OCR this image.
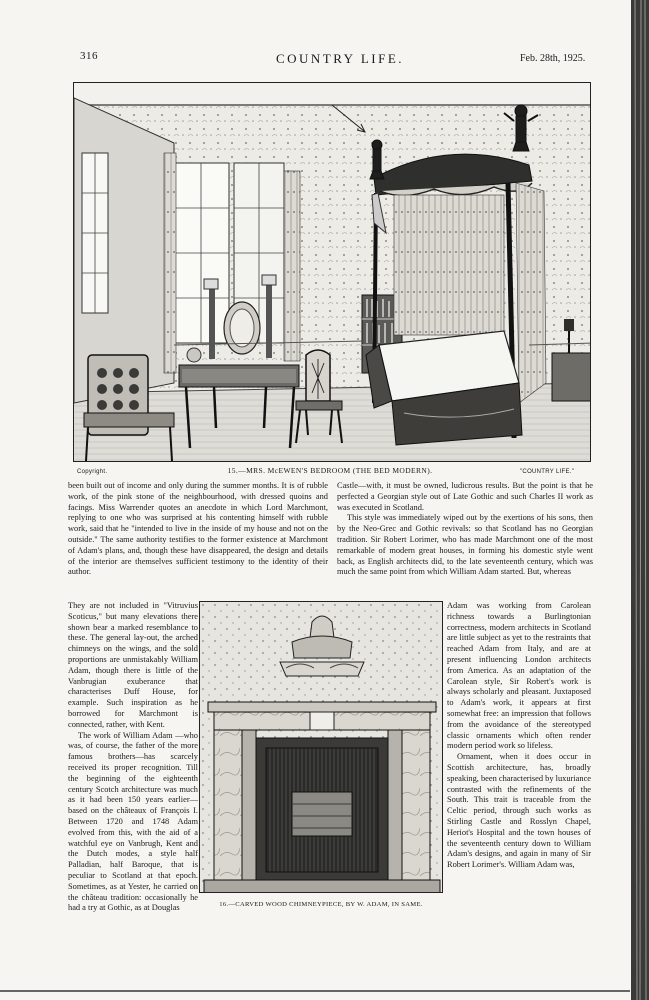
316	COUNTRY LIFE.	Feb. 28th, 1925.
Copyright.	15.—MRS. McEWEN'S BEDROOM (THE BED MODERN).	"COUNTRY LIFE."

been built out of income and only during the summer months. It is of rubble work, of the pink stone of the neighbourhood, with dressed quoins and facings. Miss Warrender quotes an anecdote in which Lord Marchmont, replying to one who was surprised at his contenting himself with rubble work, said that he "intended to live in the inside of my house and not on the outside." The same authority testifies to the former existence at Marchmont of Adam's plans, and, though these have disappeared, the design and details of the interior are themselves sufficient testimony to the identity of their author.

Castle—with, it must be owned, ludicrous results. But the point is that he perfected a Georgian style out of Late Gothic and such Charles II work as was executed in Scotland.

This style was immediately wiped out by the exertions of his sons, then by the Neo-Grec and Gothic revivals: so that Scotland has no Georgian tradition. Sir Robert Lorimer, who has made Marchmont one of the most remarkable of modern great houses, in forming his domestic style went back, as English architects did, to the late seventeenth century, which was much the same point from which William Adam started. But, whereas

They are not included in "Vitruvius Scoticus," but many elevations there shown bear a marked resemblance to these. The general lay-out, the arched chimneys on the wings, and the sold proportions are unmistakably William Adam, though there is little of the Vanbrugian exuberance that characterises Duff House, for example. Such inspiration as he borrowed for Marchmont is connected, rather, with Kent.

The work of William Adam —who was, of course, the father of the more famous brothers—has scarcely received its proper recognition. Till the beginning of the eighteenth century Scotch architecture was much as it had been 150 years earlier—based on the châteaux of François I. Between 1720 and 1748 Adam evolved from this, with the aid of a watchful eye on Vanbrugh, Kent and the Dutch modes, a style half Palladian, half Baroque, that is peculiar to Scotland at that epoch. Sometimes, as at Yester, he carried on the château tradition: occasionally he had a try at Gothic, as at Douglas	16.—CARVED WOOD CHIMNEYPIECE, BY W. ADAM, IN SAME.

Adam was working from Carolean richness towards a Burlingtonian correctness, modern architects in Scotland are little subject as yet to the restraints that reached Adam from Italy, and are at present influencing London architects from America. As an adaptation of the Carolean style, Sir Robert's work is always scholarly and pleasant. Juxtaposed to Adam's work, it appears at first somewhat free: an impression that follows from the avoidance of the stereotyped classic ornaments which often render modern period work so lifeless.

Ornament, when it does occur in Scottish architecture, has, broadly speaking, been characterised by luxuriance contrasted with the refinements of the South. This trait is traceable from the Celtic period, through such works as Stirling Castle and Rosslyn Chapel, Heriot's Hospital and the town houses of the seventeenth century down to William Adam's designs, and again in many of Sir Robert Lorimer's. William Adam was,
